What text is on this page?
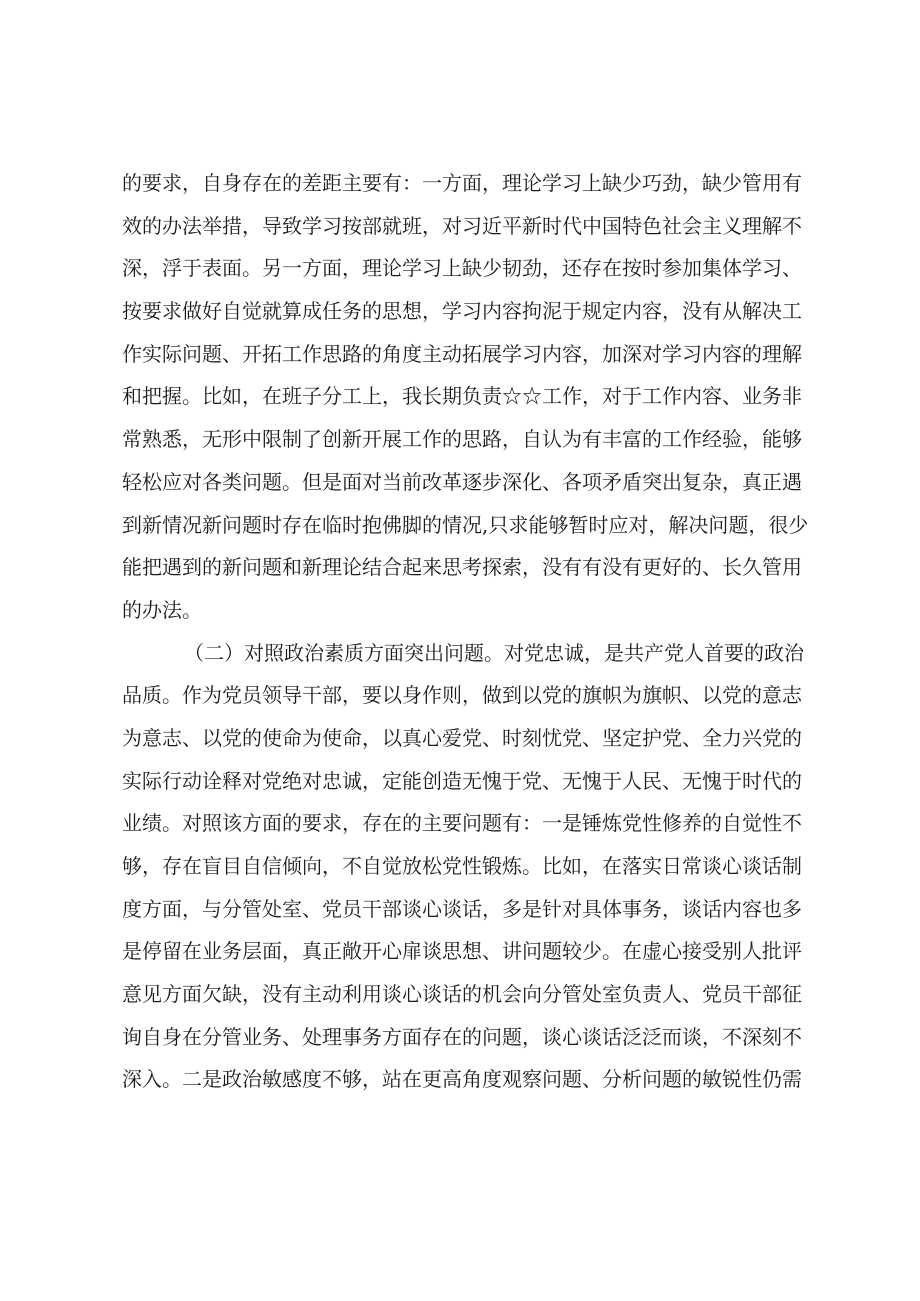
的要求，自身存在的差距主要有：一方面，理论学习上缺少巧劲，缺少管用有
效的办法举措，导致学习按部就班，对习近平新时代中国特色社会主义理解不
深，浮于表面。另一方面，理论学习上缺少韧劲，还存在按时参加集体学习、
按要求做好自觉就算成任务的思想，学习内容拘泥于规定内容，没有从解决工
作实际问题、开拓工作思路的角度主动拓展学习内容，加深对学习内容的理解
和把握。比如，在班子分工上，我长期负责☆☆工作，对于工作内容、业务非
常熟悉，无形中限制了创新开展工作的思路，自认为有丰富的工作经验，能够
轻松应对各类问题。但是面对当前改革逐步深化、各项矛盾突出复杂，真正遇
到新情况新问题时存在临时抱佛脚的情况,只求能够暂时应对，解决问题，很少
能把遇到的新问题和新理论结合起来思考探索，没有有没有更好的、长久管用
的办法。
（二）对照政治素质方面突出问题。对党忠诚，是共产党人首要的政治
品质。作为党员领导干部，要以身作则，做到以党的旗帜为旗帜、以党的意志
为意志、以党的使命为使命，以真心爱党、时刻忧党、坚定护党、全力兴党的
实际行动诠释对党绝对忠诚，定能创造无愧于党、无愧于人民、无愧于时代的
业绩。对照该方面的要求，存在的主要问题有：一是锤炼党性修养的自觉性不
够，存在盲目自信倾向，不自觉放松党性锻炼。比如，在落实日常谈心谈话制
度方面，与分管处室、党员干部谈心谈话，多是针对具体事务，谈话内容也多
是停留在业务层面，真正敞开心扉谈思想、讲问题较少。在虚心接受别人批评
意见方面欠缺，没有主动利用谈心谈话的机会向分管处室负责人、党员干部征
询自身在分管业务、处理事务方面存在的问题，谈心谈话泛泛而谈，不深刻不
深入。二是政治敏感度不够，站在更高角度观察问题、分析问题的敏锐性仍需
